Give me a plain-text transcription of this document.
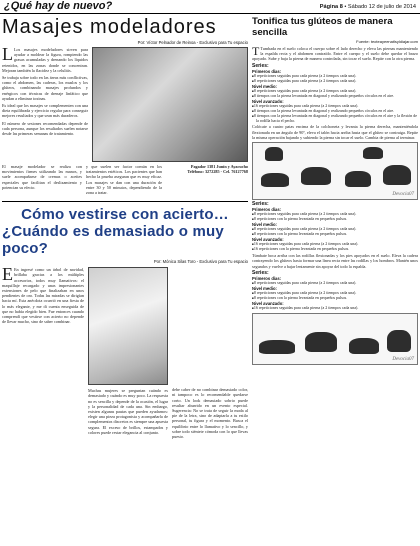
¿Qué hay de nuevo?	Página 8 • Sábado 12 de julio de 2014
Masajes modeladores
Por: Víctor Pelnador de Reinoa - Exclusivo para Tu espacio

L Los masajes modeladores sirven para ayudar a moldear la figura, rompiendo las grasas acumuladas y drenando los líquidos retenidos, en las zonas donde se concentran. Mejoran también la flacidez y la celulitis.

Se trabaja sobre todo en las áreas más conflictivas, como el abdomen, las caderas, los muslos y los glúteos, combinando masajes profundos y enérgicos con técnicas de drenaje linfático que ayudan a eliminar toxinas.

Es ideal que los masajes se complementen con una dieta equilibrada y ejercicio regular para conseguir mejores resultados y que sean más duraderos.

El número de sesiones recomendadas depende de cada persona, aunque los resultados suelen notarse desde las primeras semanas de tratamiento.

El masaje modelador se realiza con movimientos firmes utilizando las manos, y suele acompañarse de cremas o aceites especiales que facilitan el deslizamiento y potencian su efecto.

y que suelen ser factor común en los tratamientos estéticos. Los pacientes que han hecho la prueba aseguran que es muy eficaz. Los masajes se dan con una duración de entre 30 y 50 minutos, dependiendo de la zona a tratar.

Pagador 1381 Junín y Ayacucho

Teléfono: 3272285 - Cel. 76127768

Cómo vestirse con acierto…
¿Cuándo es demasiado o muy poco?
Por: Mónica Silas Toro - Exclusivo para Tu espacio

E En ingresé como un árbol de navidad, brillaba gracias a los múltiples accesorios, todos muy llamativos: el maquillaje recargado y unas impresionantes extensiones de pelo que finalizaban en unos pendientes de oro. Todas las miradas se dirigían hacia mí. Esta anécdota ocurrió en una fiesta de lo más elegante, y me di cuenta enseguida de que no había elegido bien. Fue entonces cuando comprendí que vestirse con acierto no depende de llevar mucho, sino de saber combinar.

Muchas mujeres se preguntan cuándo es demasiado y cuándo es muy poco. La respuesta no es sencilla y depende de la ocasión, el lugar y la personalidad de cada una. Sin embargo, existen algunas pautas que pueden ayudarnos: elegir una pieza protagonista y acompañarla de complementos discretos es siempre una apuesta segura. El exceso de brillos, estampados y colores puede restar elegancia al conjunto.

debe caber de no combinar demasiado color, ni tampoco es lo recomendable quedarse corto. Un look demasiado sobrio puede resultar aburrido en un evento especial. Sugerencia: No se trata de seguir la moda al pie de la letra, sino de adaptarla a tu estilo personal, tu figura y el momento. Busca el equilibrio entre lo llamativo y lo sencillo, y sobre todo siéntete cómoda con lo que llevas puesto.

Tonifica tus glúteos de manera sencilla
Fuente: teoteayeenatlsyldiajar.com

T Tumbada en el suelo coloca el cuerpo sobre el lado derecho y eleva las piernas manteniendo la espalda recta y el abdomen contraído. Entre el cuerpo y el suelo debe quedar el brazo apoyado. Sube y baja la pierna de manera controlada, sin tocar el suelo. Repite con la otra pierna.

Series:
Primeros días:
■ 8 repeticiones seguidas para cada pierna (a 2 tiempos cada una).
■ 8 repeticiones seguidas para cada pierna (a 2 tiempos cada una).
Nivel medio:
■ 8 repeticiones seguidas para cada pierna (a 2 tiempos cada una).
■ 8 tiempos con la pierna levantada en diagonal y realizando pequeños círculos en el aire.
Nivel avanzado:
■ 16 repeticiones seguidas para cada pierna (a 2 tiempos cada una).
■ 8 tiempos con la pierna levantada en diagonal y realizando pequeños círculos en el aire.
■ 8 tiempos con la pierna levantada en diagonal y realizando pequeños círculos en el aire y la flexión de la rodilla hacia el pecho.

Colócate a cuatro patas encima de la colchoneta y levanta la pierna derecha, manteniéndola flexionada en un ángulo de 90º, eleva el talón hacia arriba hasta que el glúteo se contraiga. Repite la misma operación bajando y subiendo la pierna sin tocar el suelo. Cambia de pierna al terminar.

Devocia07
Series:
Primeros días:
■ 8 repeticiones seguidas para cada pierna (a 2 tiempos cada una).
■ 8 repeticiones con la pierna levantada en pequeños pulsos.
Nivel medio:
■ 8 repeticiones seguidas para cada pierna (a 2 tiempos cada una).
■ 8 repeticiones con la pierna levantada en pequeños pulsos.
Nivel avanzado:
■ 16 repeticiones seguidas para cada pierna (a 2 tiempos cada una).
■ 16 repeticiones con la pierna levantada en pequeños pulsos.

Túmbate boca arriba con las rodillas flexionadas y los pies apoyados en el suelo. Eleva la cadera contrayendo los glúteos hasta formar una línea recta entre las rodillas y los hombros. Mantén unos segundos y vuelve a bajar lentamente sin apoyar del todo la espalda.

Series:
Primeros días:
■ 8 repeticiones seguidas para cada pierna (a 2 tiempos cada una).
Nivel medio:
■ 8 repeticiones seguidas para cada pierna (a 2 tiempos cada una).
■ 8 repeticiones con la pierna levantada en pequeños pulsos.
Nivel avanzado:
■ 16 repeticiones seguidas para cada pierna (a 2 tiempos cada una).
Devocia07
